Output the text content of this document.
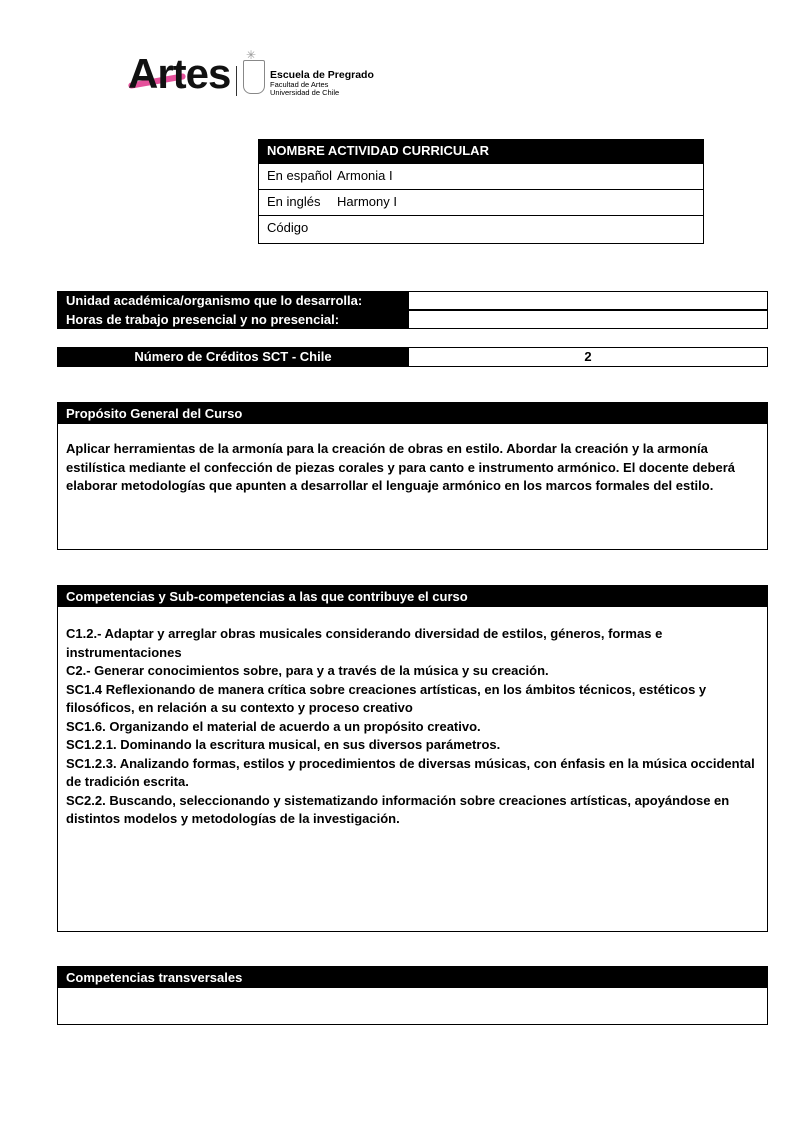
Artes ✳
Escuela de Pregrado
Facultad de Artes
Universidad de Chile
NOMBRE ACTIVIDAD CURRICULAR
En español Armonia I
En inglés Harmony I
Código
Unidad académica/organismo que lo desarrolla:
Horas de trabajo presencial y no presencial:
Número de Créditos SCT - Chile	2
Propósito General del Curso
Aplicar herramientas de la armonía para la creación de obras en estilo. Abordar la creación y la armonía estilística mediante el confección de piezas corales y para canto e instrumento armónico. El docente deberá elaborar metodologías que apunten a desarrollar el lenguaje armónico en los marcos formales del estilo.
Competencias y Sub-competencias a las que contribuye el curso

C1.2.- Adaptar y arreglar obras musicales considerando diversidad de estilos, géneros, formas e instrumentaciones

C2.- Generar conocimientos sobre, para y a través de la música y su creación.

SC1.4 Reflexionando de manera crítica sobre creaciones artísticas, en los ámbitos técnicos, estéticos y filosóficos, en relación a su contexto y proceso creativo

SC1.6. Organizando el material de acuerdo a un propósito creativo.

SC1.2.1. Dominando la escritura musical, en sus diversos parámetros.

SC1.2.3. Analizando formas, estilos y procedimientos de diversas músicas, con énfasis en la música occidental de tradición escrita.

SC2.2. Buscando, seleccionando y sistematizando información sobre creaciones artísticas, apoyándose en distintos modelos y metodologías de la investigación.

Competencias transversales
